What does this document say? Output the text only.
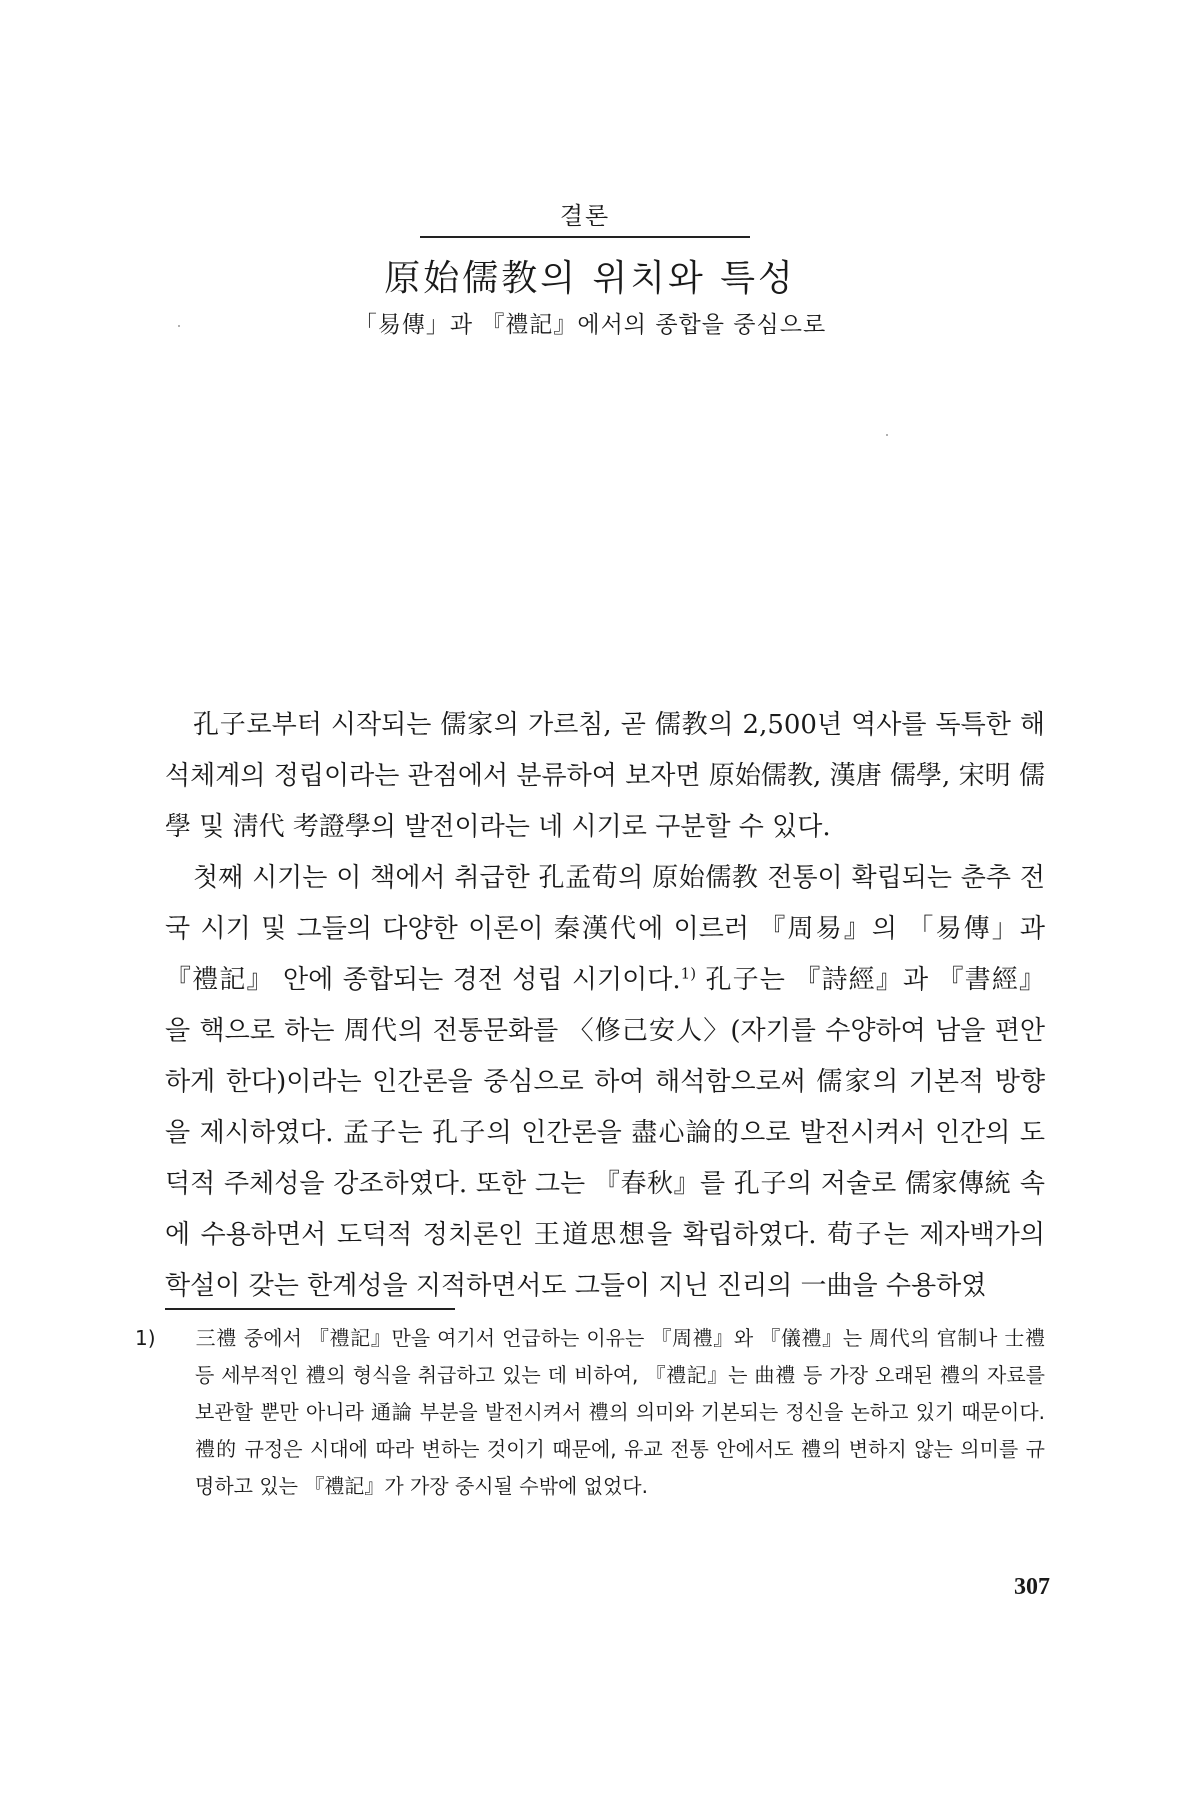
결론
原始儒教의 위치와 특성
「易傳」과 『禮記』에서의 종합을 중심으로

孔子로부터 시작되는 儒家의 가르침, 곧 儒教의 2,500년 역사를 독특한 해석체계의 정립이라는 관점에서 분류하여 보자면 原始儒教, 漢唐 儒學, 宋明 儒學 및 淸代 考證學의 발전이라는 네 시기로 구분할 수 있다.

첫째 시기는 이 책에서 취급한 孔孟荀의 原始儒教 전통이 확립되는 춘추 전국 시기 및 그들의 다양한 이론이 秦漢代에 이르러 『周易』의 「易傳」과 『禮記』 안에 종합되는 경전 성립 시기이다.$^{1)}$ 孔子는 『詩經』과 『書經』을 핵으로 하는 周代의 전통문화를 〈修己安人〉(자기를 수양하여 남을 편안하게 한다)이라는 인간론을 중심으로 하여 해석함으로써 儒家의 기본적 방향을 제시하였다. 孟子는 孔子의 인간론을 盡心論的으로 발전시켜서 인간의 도덕적 주체성을 강조하였다. 또한 그는 『春秋』를 孔子의 저술로 儒家傳統 속에 수용하면서 도덕적 정치론인 王道思想을 확립하였다. 荀子는 제자백가의 학설이 갖는 한계성을 지적하면서도 그들이 지닌 진리의 一曲을 수용하였

1) 三禮 중에서 『禮記』만을 여기서 언급하는 이유는 『周禮』와 『儀禮』는 周代의 官制나 士禮 등 세부적인 禮의 형식을 취급하고 있는 데 비하여, 『禮記』는 曲禮 등 가장 오래된 禮의 자료를 보관할 뿐만 아니라 通論 부분을 발전시켜서 禮의 의미와 기본되는 정신을 논하고 있기 때문이다. 禮的 규정은 시대에 따라 변하는 것이기 때문에, 유교 전통 안에서도 禮의 변하지 않는 의미를 규명하고 있는 『禮記』가 가장 중시될 수밖에 없었다.
307
